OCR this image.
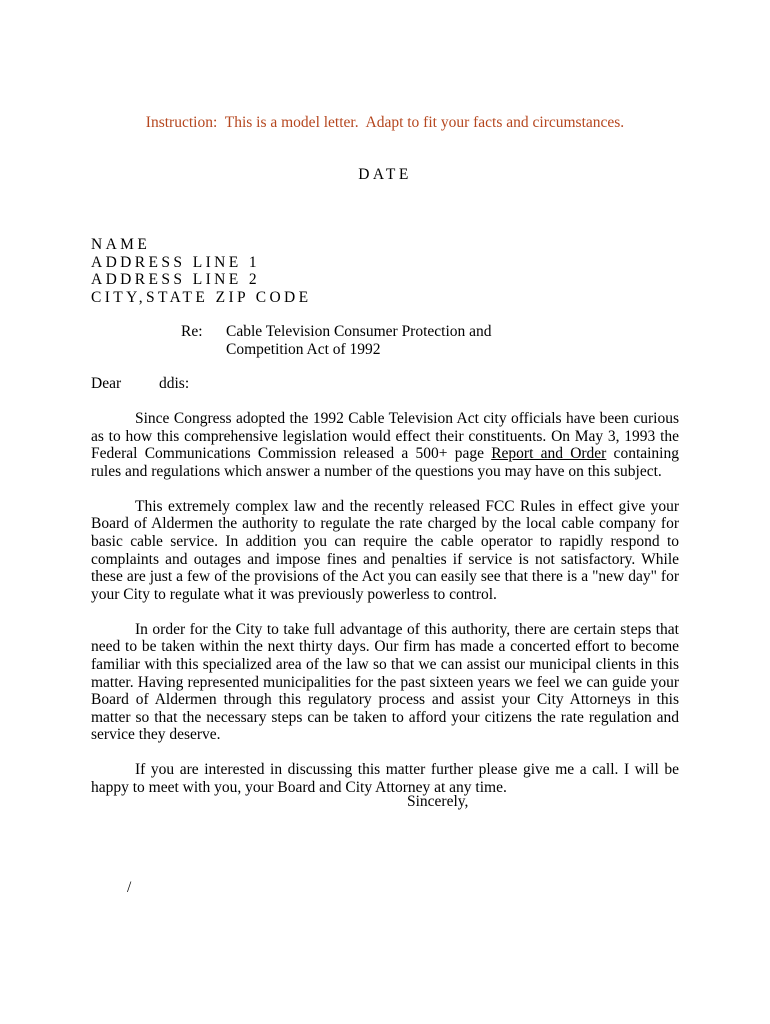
Instruction:  This is a model letter.  Adapt to fit your facts and circumstances.
DATE
NAME
ADDRESS LINE 1
ADDRESS LINE 2
CITY,STATE ZIP CODE
Re: Cable Television Consumer Protection and
Competition Act of 1992
Dear ddis:

Since Congress adopted the 1992 Cable Television Act city officials have been curious as to how this comprehensive legislation would effect their constituents. On May 3, 1993 the Federal Communications Commission released a 500+ page Report and Order containing rules and regulations which answer a number of the questions you may have on this subject.

This extremely complex law and the recently released FCC Rules in effect give your Board of Aldermen the authority to regulate the rate charged by the local cable company for basic cable service. In addition you can require the cable operator to rapidly respond to complaints and outages and impose fines and penalties if service is not satisfactory. While these are just a few of the provisions of the Act you can easily see that there is a "new day" for your City to regulate what it was previously powerless to control.

In order for the City to take full advantage of this authority, there are certain steps that need to be taken within the next thirty days. Our firm has made a concerted effort to become familiar with this specialized area of the law so that we can assist our municipal clients in this matter. Having represented municipalities for the past sixteen years we feel we can guide your Board of Aldermen through this regulatory process and assist your City Attorneys in this matter so that the necessary steps can be taken to afford your citizens the rate regulation and service they deserve.

If you are interested in discussing this matter further please give me a call. I will be happy to meet with you, your Board and City Attorney at any time.

Sincerely,
/
